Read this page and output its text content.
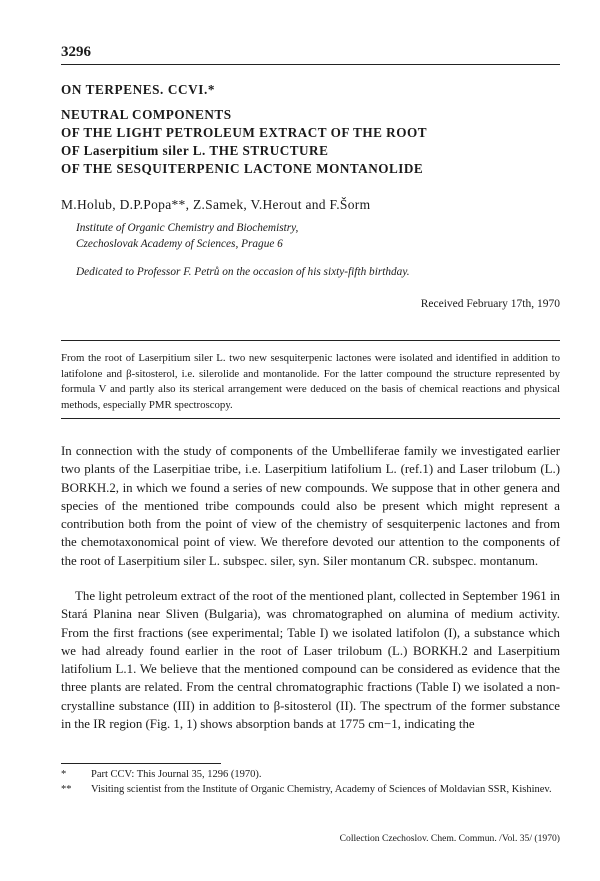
3296
ON TERPENES. CCVI.*
NEUTRAL COMPONENTS
OF THE LIGHT PETROLEUM EXTRACT OF THE ROOT
OF Laserpitium siler L. THE STRUCTURE
OF THE SESQUITERPENIC LACTONE MONTANOLIDE
M.Holub, D.P.Popa**, Z.Samek, V.Herout and F.Šorm
Institute of Organic Chemistry and Biochemistry,
Czechoslovak Academy of Sciences, Prague 6
Dedicated to Professor F. Petrů on the occasion of his sixty-fifth birthday.
Received February 17th, 1970
From the root of Laserpitium siler L. two new sesquiterpenic lactones were isolated and identified in addition to latifolone and β-sitosterol, i.e. silerolide and montanolide. For the latter compound the structure represented by formula V and partly also its sterical arrangement were deduced on the basis of chemical reactions and physical methods, especially PMR spectroscopy.

In connection with the study of components of the Umbelliferae family we investigated earlier two plants of the Laserpitiae tribe, i.e. Laserpitium latifolium L. (ref.1) and Laser trilobum (L.) BORKH.2, in which we found a series of new compounds. We suppose that in other genera and species of the mentioned tribe compounds could also be present which might represent a contribution both from the point of view of the chemistry of sesquiterpenic lactones and from the chemotaxonomical point of view. We therefore devoted our attention to the components of the root of Laserpitium siler L. subspec. siler, syn. Siler montanum CR. subspec. montanum.

The light petroleum extract of the root of the mentioned plant, collected in September 1961 in Stará Planina near Sliven (Bulgaria), was chromatographed on alumina of medium activity. From the first fractions (see experimental; Table I) we isolated latifolon (I), a substance which we had already found earlier in the root of Laser trilobum (L.) BORKH.2 and Laserpitium latifolium L.1. We believe that the mentioned compound can be considered as evidence that the three plants are related. From the central chromatographic fractions (Table I) we isolated a non-crystalline substance (III) in addition to β-sitosterol (II). The spectrum of the former substance in the IR region (Fig. 1, 1) shows absorption bands at 1775 cm−1, indicating the

*	Part CCV: This Journal 35, 1296 (1970).
**	Visiting scientist from the Institute of Organic Chemistry, Academy of Sciences of Moldavian SSR, Kishinev.
Collection Czechoslov. Chem. Commun. /Vol. 35/ (1970)
